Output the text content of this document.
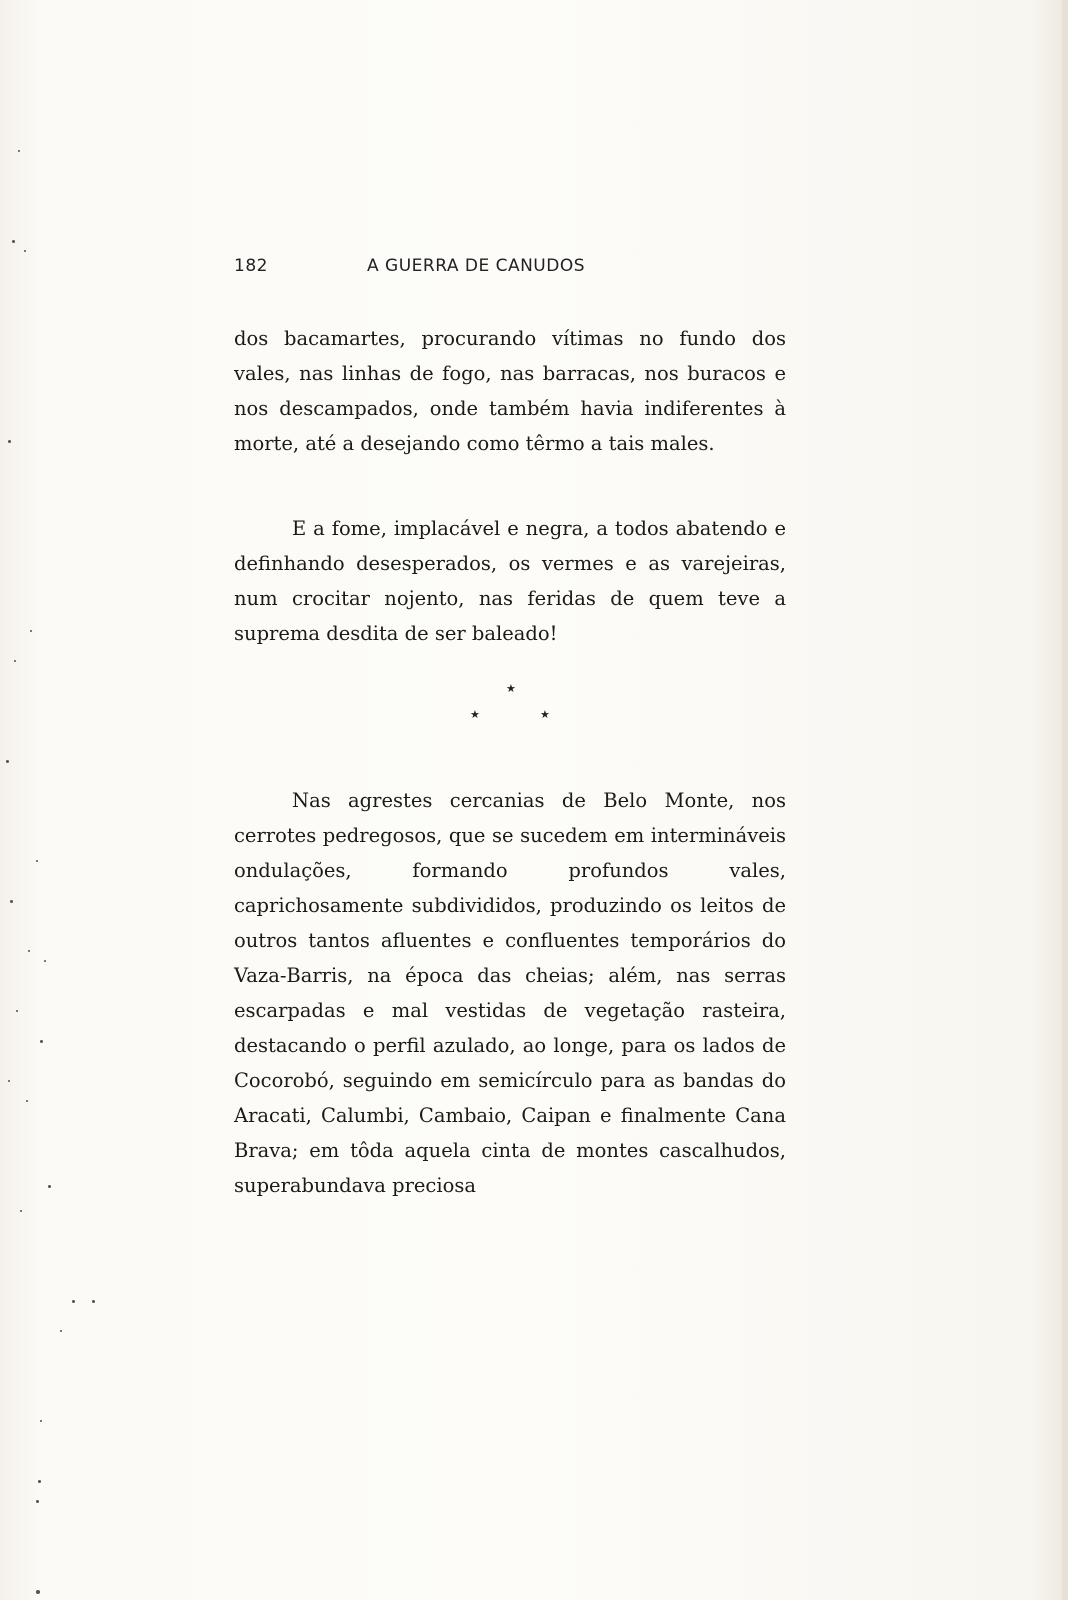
182	A GUERRA DE CANUDOS

dos bacamartes, procurando vítimas no fundo dos vales, nas linhas de fogo, nas barracas, nos buracos e nos descampados, onde também havia indiferentes à morte, até a desejando como têrmo a tais males.

E a fome, implacável e negra, a todos abatendo e definhando desesperados, os vermes e as varejeiras, num crocitar nojento, nas feridas de quem teve a suprema desdita de ser baleado!

★
★	★

Nas agrestes cercanias de Belo Monte, nos cerrotes pedregosos, que se sucedem em intermináveis ondulações, formando profundos vales, caprichosamente subdivididos, produzindo os leitos de outros tantos afluentes e confluentes temporários do Vaza-Barris, na época das cheias; além, nas serras escarpadas e mal vestidas de vegetação rasteira, destacando o perfil azulado, ao longe, para os lados de Cocorobó, seguindo em semicírculo para as bandas do Aracati, Calumbi, Cambaio, Caipan e finalmente Cana Brava; em tôda aquela cinta de montes cascalhudos, superabundava preciosa
